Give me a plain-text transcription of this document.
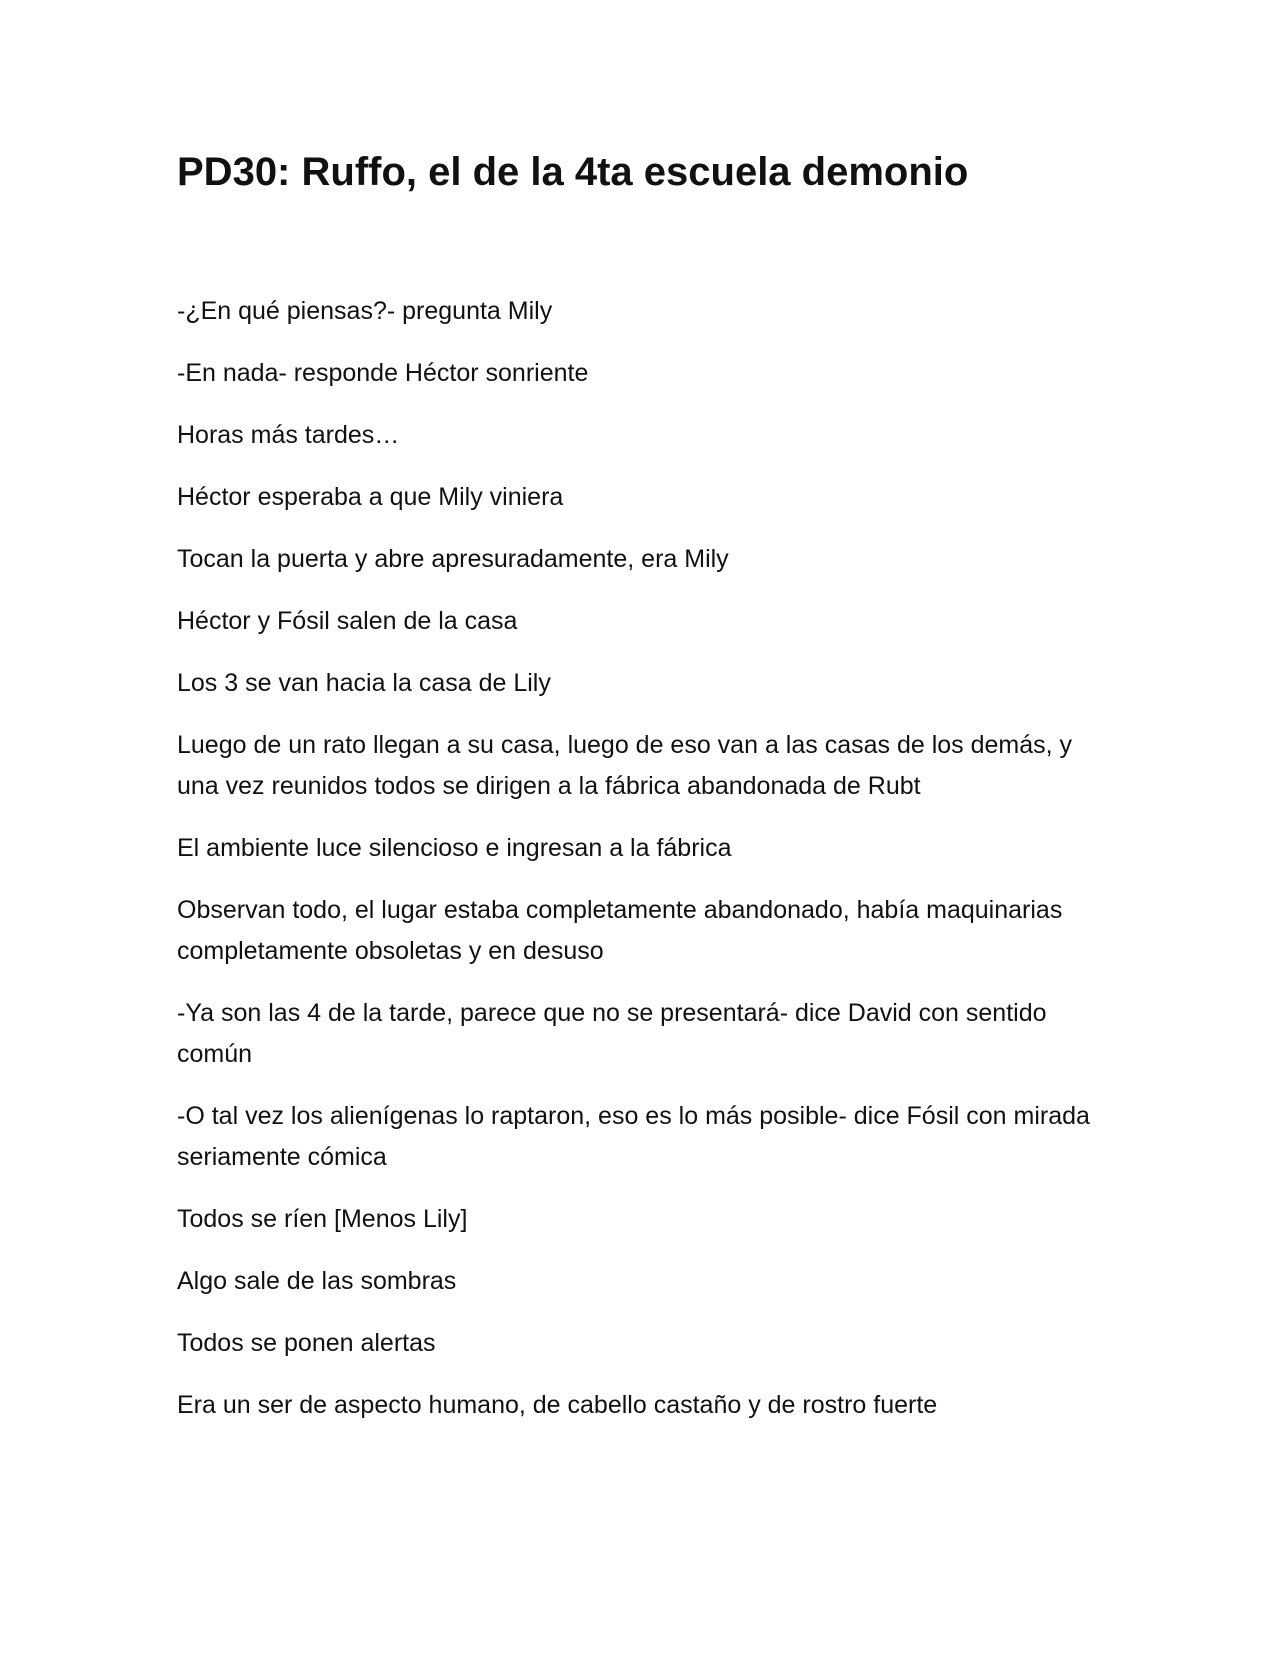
PD30: Ruffo, el de la 4ta escuela demonio

-¿En qué piensas?- pregunta Mily

-En nada- responde Héctor sonriente

Horas más tardes…

Héctor esperaba a que Mily viniera

Tocan la puerta y abre apresuradamente, era Mily

Héctor y Fósil salen de la casa

Los 3 se van hacia la casa de Lily

Luego de un rato llegan a su casa, luego de eso van a las casas de los demás, y una vez reunidos todos se dirigen a la fábrica abandonada de Rubt

El ambiente luce silencioso e ingresan a la fábrica

Observan todo, el lugar estaba completamente abandonado, había maquinarias completamente obsoletas y en desuso

-Ya son las 4 de la tarde, parece que no se presentará- dice David con sentido común

-O tal vez los alienígenas lo raptaron, eso es lo más posible- dice Fósil con mirada seriamente cómica

Todos se ríen [Menos Lily]

Algo sale de las sombras

Todos se ponen alertas

Era un ser de aspecto humano, de cabello castaño y de rostro fuerte
